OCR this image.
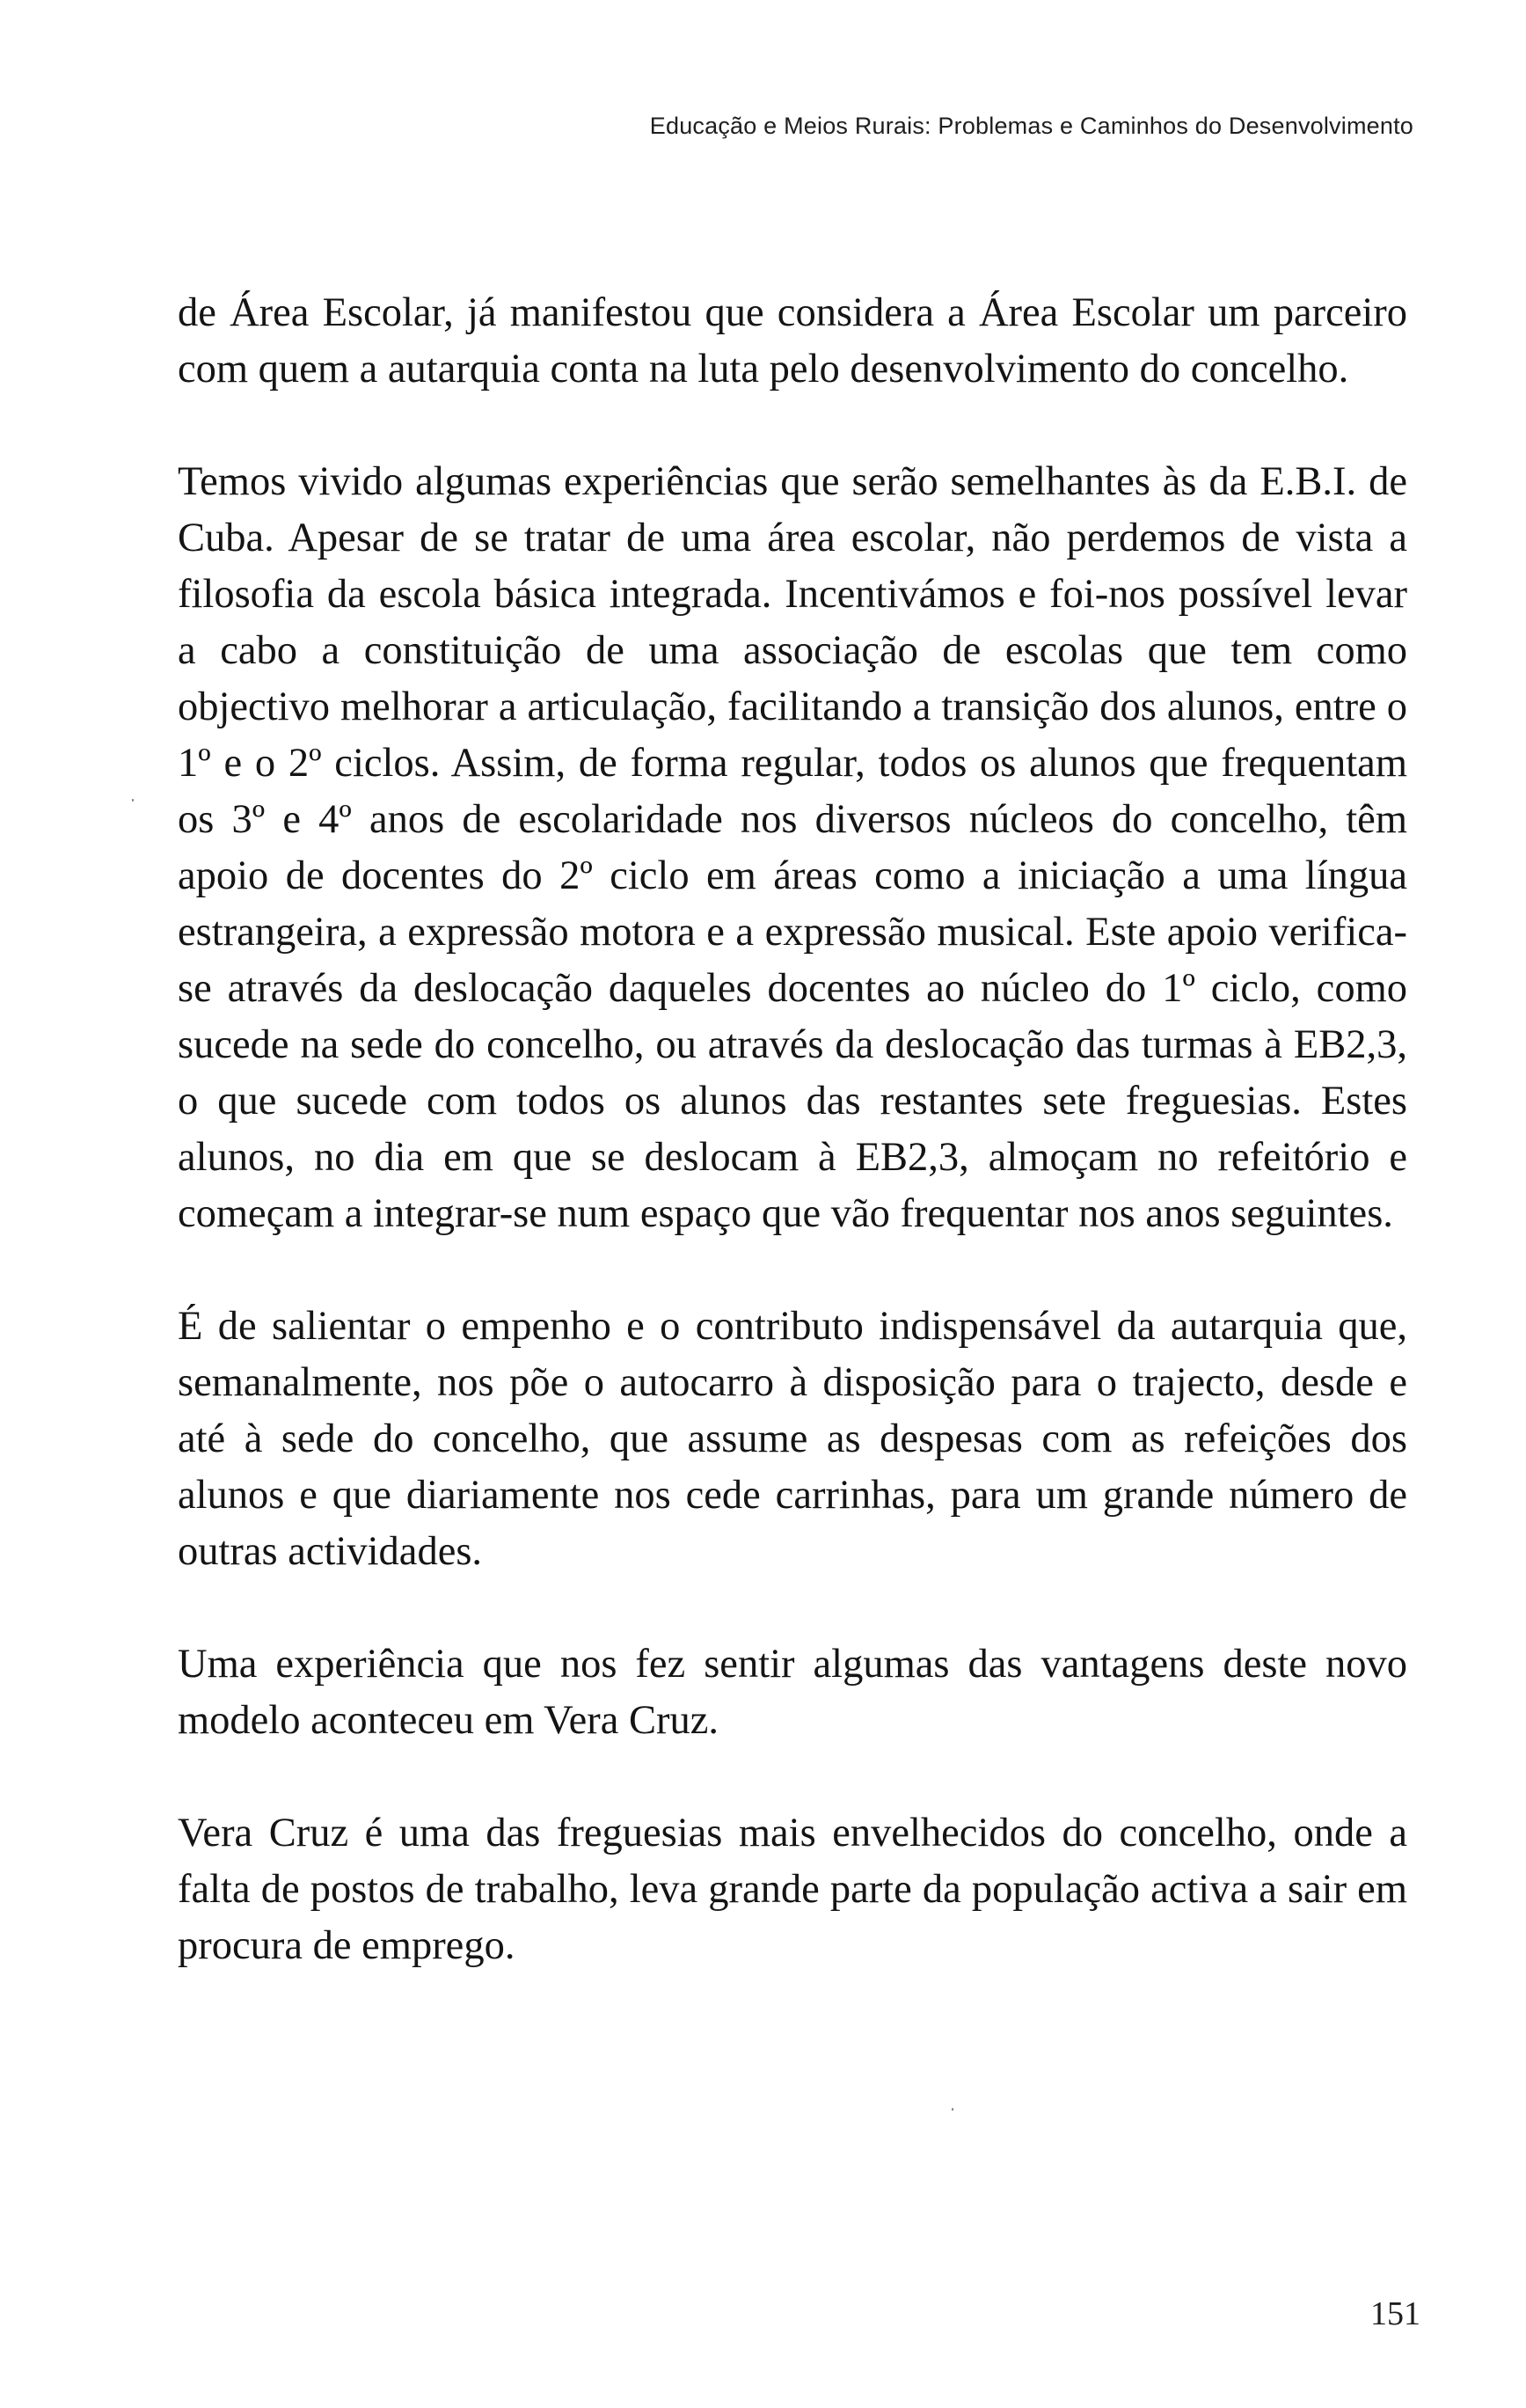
Educação e Meios Rurais: Problemas e Caminhos do Desenvolvimento

de Área Escolar, já manifestou que considera a Área Escolar um parceiro com quem a autarquia conta na luta pelo desenvolvimento do concelho.

Temos vivido algumas experiências que serão semelhantes às da E.B.I. de Cuba. Apesar de se tratar de uma área escolar, não perdemos de vista a filosofia da escola básica integrada. Incentivámos e foi-nos possível levar a cabo a constituição de uma associação de escolas que tem como objectivo melhorar a articulação, facilitando a transição dos alunos, entre o 1º e o 2º ciclos. Assim, de forma regular, todos os alunos que frequentam os 3º e 4º anos de escolaridade nos diversos núcleos do concelho, têm apoio de docentes do 2º ciclo em áreas como a iniciação a uma língua estrangeira, a expressão motora e a expressão musical. Este apoio verifica-se através da deslocação daqueles docentes ao núcleo do 1º ciclo, como sucede na sede do concelho, ou através da deslocação das turmas à EB2,3, o que sucede com todos os alunos das restantes sete freguesias. Estes alunos, no dia em que se deslocam à EB2,3, almoçam no refeitório e começam a integrar-se num espaço que vão frequentar nos anos seguintes.

É de salientar o empenho e o contributo indispensável da autarquia que, semanalmente, nos põe o autocarro à disposição para o trajecto, desde e até à sede do concelho, que assume as despesas com as refeições dos alunos e que diariamente nos cede carrinhas, para um grande número de outras actividades.

Uma experiência que nos fez sentir algumas das vantagens deste novo modelo aconteceu em Vera Cruz.

Vera Cruz é uma das freguesias mais envelhecidos do concelho, onde a falta de postos de trabalho, leva grande parte da população activa a sair em procura de emprego.

151
